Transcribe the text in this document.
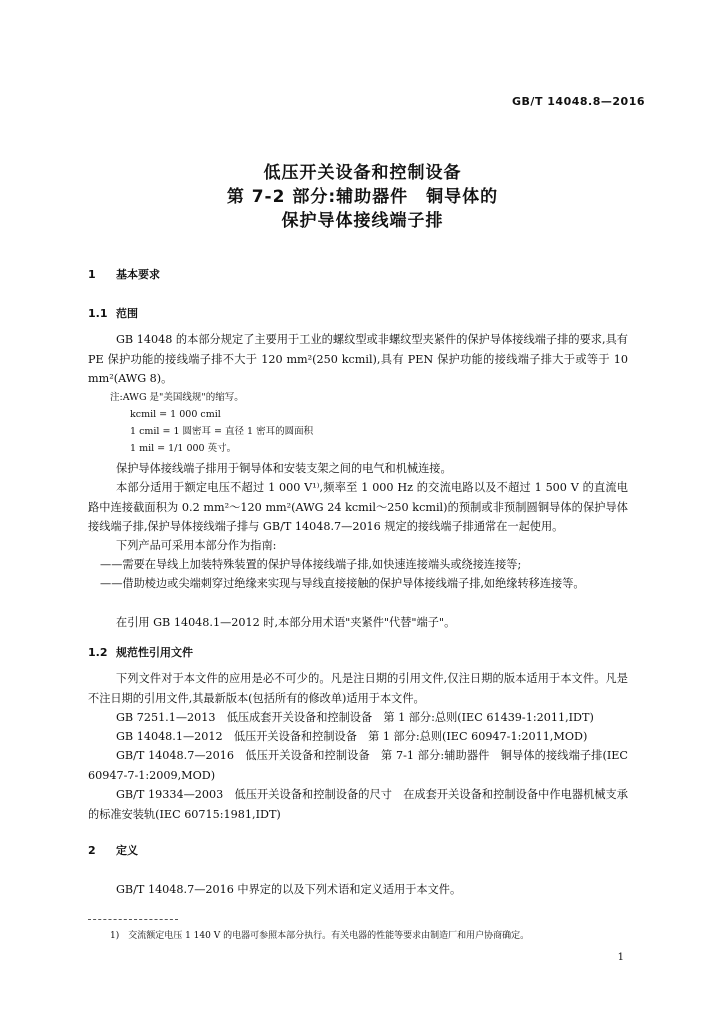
GB/T 14048.8—2016
低压开关设备和控制设备
第 7-2 部分:辅助器件　铜导体的
保护导体接线端子排
1 基本要求
1.1 范围
GB 14048 的本部分规定了主要用于工业的螺纹型或非螺纹型夹紧件的保护导体接线端子排的要求,具有 PE 保护功能的接线端子排不大于 120 mm²(250 kcmil),具有 PEN 保护功能的接线端子排大于或等于 10 mm²(AWG 8)。
注:AWG 是"美国线规"的缩写。
kcmil = 1 000 cmil
1 cmil = 1 圆密耳 = 直径 1 密耳的圆面积
1 mil = 1/1 000 英寸。
保护导体接线端子排用于铜导体和安装支架之间的电气和机械连接。
本部分适用于额定电压不超过 1 000 V¹⁾,频率至 1 000 Hz 的交流电路以及不超过 1 500 V 的直流电路中连接截面积为 0.2 mm²～120 mm²(AWG 24 kcmil～250 kcmil)的预制或非预制圆铜导体的保护导体接线端子排,保护导体接线端子排与 GB/T 14048.7—2016 规定的接线端子排通常在一起使用。
下列产品可采用本部分作为指南:
——需要在导线上加装特殊装置的保护导体接线端子排,如快速连接端头或绕接连接等;
——借助棱边或尖端刺穿过绝缘来实现与导线直接接触的保护导体接线端子排,如绝缘转移连接等。
在引用 GB 14048.1—2012 时,本部分用术语"夹紧件"代替"端子"。
1.2 规范性引用文件
下列文件对于本文件的应用是必不可少的。凡是注日期的引用文件,仅注日期的版本适用于本文件。凡是不注日期的引用文件,其最新版本(包括所有的修改单)适用于本文件。
GB 7251.1—2013　低压成套开关设备和控制设备　第 1 部分:总则(IEC 61439-1:2011,IDT)
GB 14048.1—2012　低压开关设备和控制设备　第 1 部分:总则(IEC 60947-1:2011,MOD)
GB/T 14048.7—2016　低压开关设备和控制设备　第 7-1 部分:辅助器件　铜导体的接线端子排(IEC 60947-7-1:2009,MOD)
GB/T 19334—2003　低压开关设备和控制设备的尺寸　在成套开关设备和控制设备中作电器机械支承的标准安装轨(IEC 60715:1981,IDT)
2 定义
GB/T 14048.7—2016 中界定的以及下列术语和定义适用于本文件。
1)　交流额定电压 1 140 V 的电器可参照本部分执行。有关电器的性能等要求由制造厂和用户协商确定。
1
